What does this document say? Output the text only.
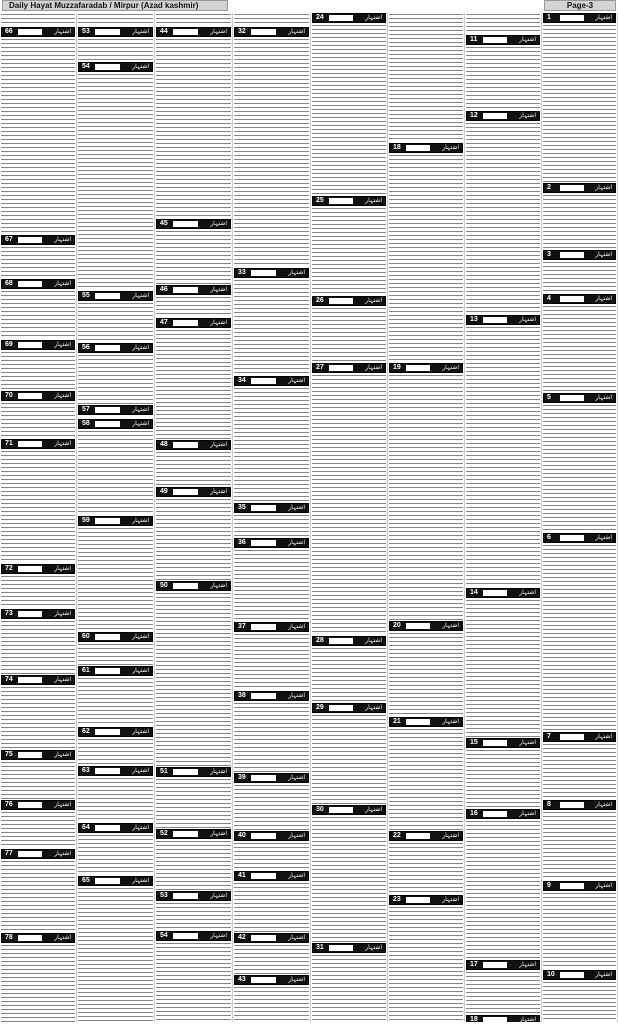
Daily Hayat Muzzafaradab / Mirpur (Azad kashmir)	Page-3
66	اشتہار
67	اشتہار
68	اشتہار
69	اشتہار
70	اشتہار
71	اشتہار
72	اشتہار
73	اشتہار
74	اشتہار
75	اشتہار
76	اشتہار
77	اشتہار
78	اشتہار
53	اشتہار
54	اشتہار
55	اشتہار
56	اشتہار
57	اشتہار
58	اشتہار
59	اشتہار
60	اشتہار
61	اشتہار
62	اشتہار
63	اشتہار
64	اشتہار
65	اشتہار
44	اشتہار
45	اشتہار
46	اشتہار
47	اشتہار
48	اشتہار
49	اشتہار
50	اشتہار
51	اشتہار
52	اشتہار
53	اشتہار
54	اشتہار
32	اشتہار
33	اشتہار
34	اشتہار
35	اشتہار
36	اشتہار
37	اشتہار
38	اشتہار
39	اشتہار
40	اشتہار
41	اشتہار
42	اشتہار
43	اشتہار
24	اشتہار
25	اشتہار
26	اشتہار
27	اشتہار
28	اشتہار
29	اشتہار
30	اشتہار
31	اشتہار
18	اشتہار
19	اشتہار
20	اشتہار
21	اشتہار
22	اشتہار
23	اشتہار
11	اشتہار
12	اشتہار
13	اشتہار
14	اشتہار
15	اشتہار
16	اشتہار
17	اشتہار
18	اشتہار
1	اشتہار
2	اشتہار
3	اشتہار
4	اشتہار
5	اشتہار
6	اشتہار
7	اشتہار
8	اشتہار
9	اشتہار
10	اشتہار
